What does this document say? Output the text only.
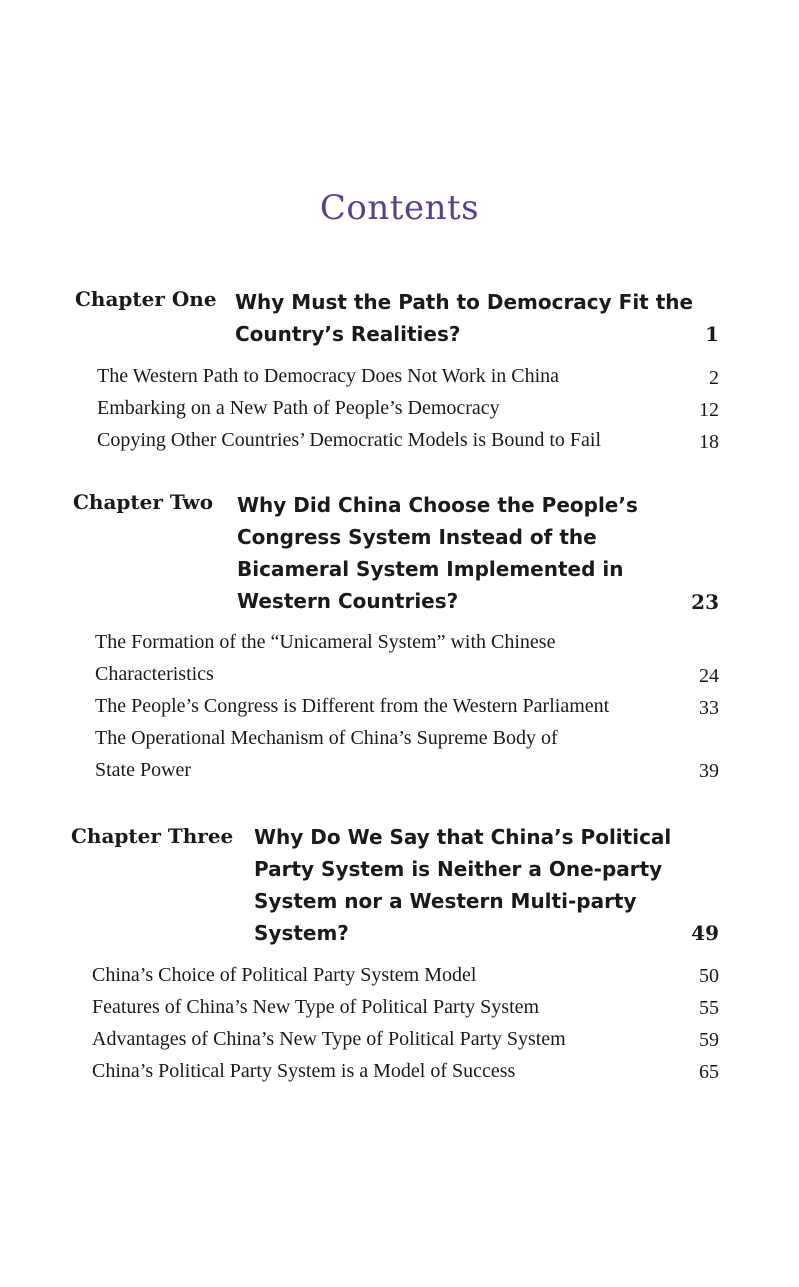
Contents
Chapter One Why Must the Path to Democracy Fit the
Country’s Realities?	1
The Western Path to Democracy Does Not Work in China	2
Embarking on a New Path of People’s Democracy	12
Copying Other Countries’ Democratic Models is Bound to Fail	18
Chapter Two Why Did China Choose the People’s
Congress System Instead of the
Bicameral System Implemented in
Western Countries?	23
The Formation of the “Unicameral System” with Chinese
Characteristics	24
The People’s Congress is Different from the Western Parliament	33
The Operational Mechanism of China’s Supreme Body of
State Power	39
Chapter Three Why Do We Say that China’s Political
Party System is Neither a One-party
System nor a Western Multi-party
System?	49
China’s Choice of Political Party System Model	50
Features of China’s New Type of Political Party System	55
Advantages of China’s New Type of Political Party System	59
China’s Political Party System is a Model of Success	65
